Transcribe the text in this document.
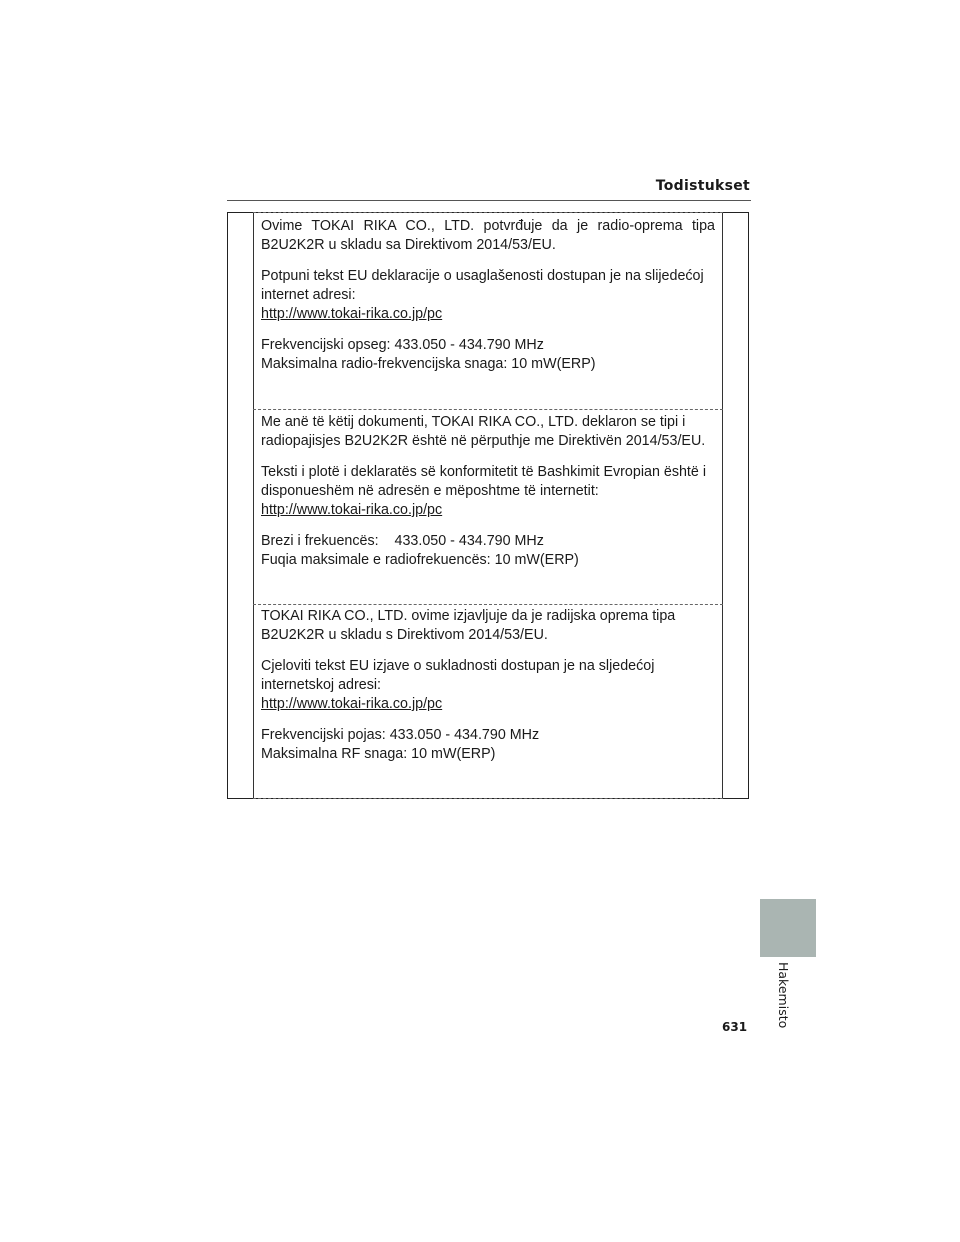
Todistukset

Ovime TOKAI RIKA CO., LTD. potvrđuje da je radio-oprema tipa
B2U2K2R u skladu sa Direktivom 2014/53/EU.

Potpuni tekst EU deklaracije o usaglašenosti dostupan je na slijedećoj
internet adresi:
http://www.tokai-rika.co.jp/pc

Frekvencijski opseg: 433.050 - 434.790 MHz
Maksimalna radio-frekvencijska snaga: 10 mW(ERP)

Me anë të këtij dokumenti, TOKAI RIKA CO., LTD. deklaron se tipi i
radiopajisjes B2U2K2R është në përputhje me Direktivën 2014/53/EU.

Teksti i plotë i deklaratës së konformitetit të Bashkimit Evropian është i
disponueshëm në adresën e mëposhtme të internetit:
http://www.tokai-rika.co.jp/pc

Brezi i frekuencës:    433.050 - 434.790 MHz
Fuqia maksimale e radiofrekuencës: 10 mW(ERP)

TOKAI RIKA CO., LTD. ovime izjavljuje da je radijska oprema tipa
B2U2K2R u skladu s Direktivom 2014/53/EU.

Cjeloviti tekst EU izjave o sukladnosti dostupan je na sljedećoj
internetskoj adresi:
http://www.tokai-rika.co.jp/pc

Frekvencijski pojas: 433.050 - 434.790 MHz
Maksimalna RF snaga: 10 mW(ERP)

Hakemisto
631
